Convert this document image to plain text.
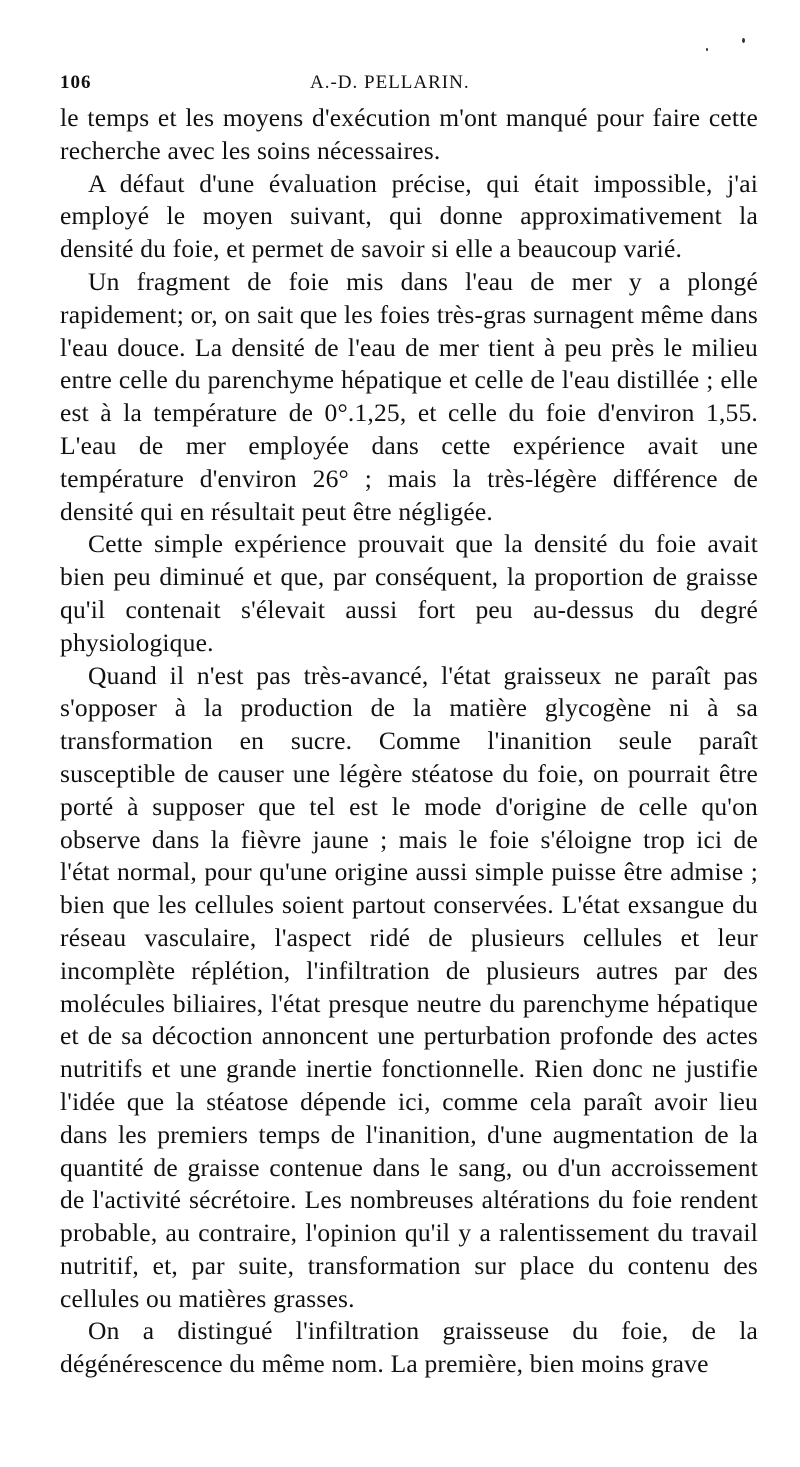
106	A.-D. PELLARIN.

le temps et les moyens d'exécution m'ont manqué pour faire cette recherche avec les soins nécessaires.

A défaut d'une évaluation précise, qui était impossible, j'ai employé le moyen suivant, qui donne approximativement la densité du foie, et permet de savoir si elle a beaucoup varié.

Un fragment de foie mis dans l'eau de mer y a plongé rapidement; or, on sait que les foies très-gras surnagent même dans l'eau douce. La densité de l'eau de mer tient à peu près le milieu entre celle du parenchyme hépatique et celle de l'eau distillée ; elle est à la température de 0°.1,25, et celle du foie d'environ 1,55. L'eau de mer employée dans cette expérience avait une température d'environ 26° ; mais la très-légère différence de densité qui en résultait peut être négligée.

Cette simple expérience prouvait que la densité du foie avait bien peu diminué et que, par conséquent, la proportion de graisse qu'il contenait s'élevait aussi fort peu au-dessus du degré physiologique.

Quand il n'est pas très-avancé, l'état graisseux ne paraît pas s'opposer à la production de la matière glycogène ni à sa transformation en sucre. Comme l'inanition seule paraît susceptible de causer une légère stéatose du foie, on pourrait être porté à supposer que tel est le mode d'origine de celle qu'on observe dans la fièvre jaune ; mais le foie s'éloigne trop ici de l'état normal, pour qu'une origine aussi simple puisse être admise ; bien que les cellules soient partout conservées. L'état exsangue du réseau vasculaire, l'aspect ridé de plusieurs cellules et leur incomplète réplétion, l'infiltration de plusieurs autres par des molécules biliaires, l'état presque neutre du parenchyme hépatique et de sa décoction annoncent une perturbation profonde des actes nutritifs et une grande inertie fonctionnelle. Rien donc ne justifie l'idée que la stéatose dépende ici, comme cela paraît avoir lieu dans les premiers temps de l'inanition, d'une augmentation de la quantité de graisse contenue dans le sang, ou d'un accroissement de l'activité sécrétoire. Les nombreuses altérations du foie rendent probable, au contraire, l'opinion qu'il y a ralentissement du travail nutritif, et, par suite, transformation sur place du contenu des cellules ou matières grasses.

On a distingué l'infiltration graisseuse du foie, de la dégénérescence du même nom. La première, bien moins grave
